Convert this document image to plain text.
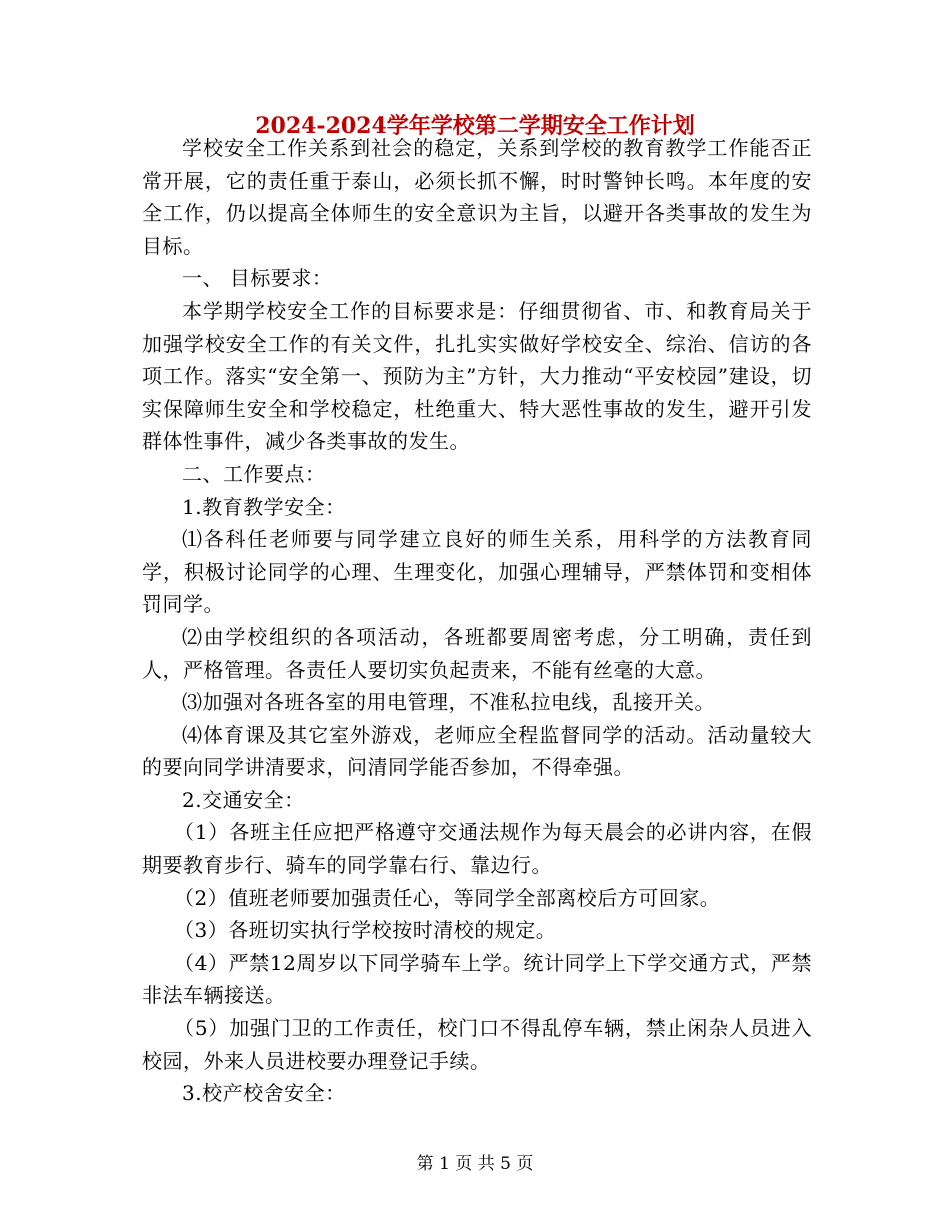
2024-2024学年学校第二学期安全工作计划

学校安全工作关系到社会的稳定，关系到学校的教育教学工作能否正常开展，它的责任重于泰山，必须长抓不懈，时时警钟长鸣。本年度的安全工作，仍以提高全体师生的安全意识为主旨，以避开各类事故的发生为目标。

一、 目标要求：

本学期学校安全工作的目标要求是：仔细贯彻省、市、和教育局关于加强学校安全工作的有关文件，扎扎实实做好学校安全、综治、信访的各项工作。落实“安全第一、预防为主”方针，大力推动“平安校园”建设，切实保障师生安全和学校稳定，杜绝重大、特大恶性事故的发生，避开引发群体性事件，减少各类事故的发生。

二、工作要点：

1.教育教学安全：

⑴各科任老师要与同学建立良好的师生关系，用科学的方法教育同学，积极讨论同学的心理、生理变化，加强心理辅导，严禁体罚和变相体罚同学。

⑵由学校组织的各项活动，各班都要周密考虑，分工明确，责任到人，严格管理。各责任人要切实负起责来，不能有丝毫的大意。

⑶加强对各班各室的用电管理，不准私拉电线，乱接开关。

⑷体育课及其它室外游戏，老师应全程监督同学的活动。活动量较大的要向同学讲清要求，问清同学能否参加，不得牵强。

2.交通安全：

（1）各班主任应把严格遵守交通法规作为每天晨会的必讲内容，在假期要教育步行、骑车的同学靠右行、靠边行。

（2）值班老师要加强责任心，等同学全部离校后方可回家。

（3）各班切实执行学校按时清校的规定。

（4）严禁12周岁以下同学骑车上学。统计同学上下学交通方式，严禁非法车辆接送。

（5）加强门卫的工作责任，校门口不得乱停车辆，禁止闲杂人员进入校园，外来人员进校要办理登记手续。

3.校产校舍安全：

第 1 页 共 5 页
